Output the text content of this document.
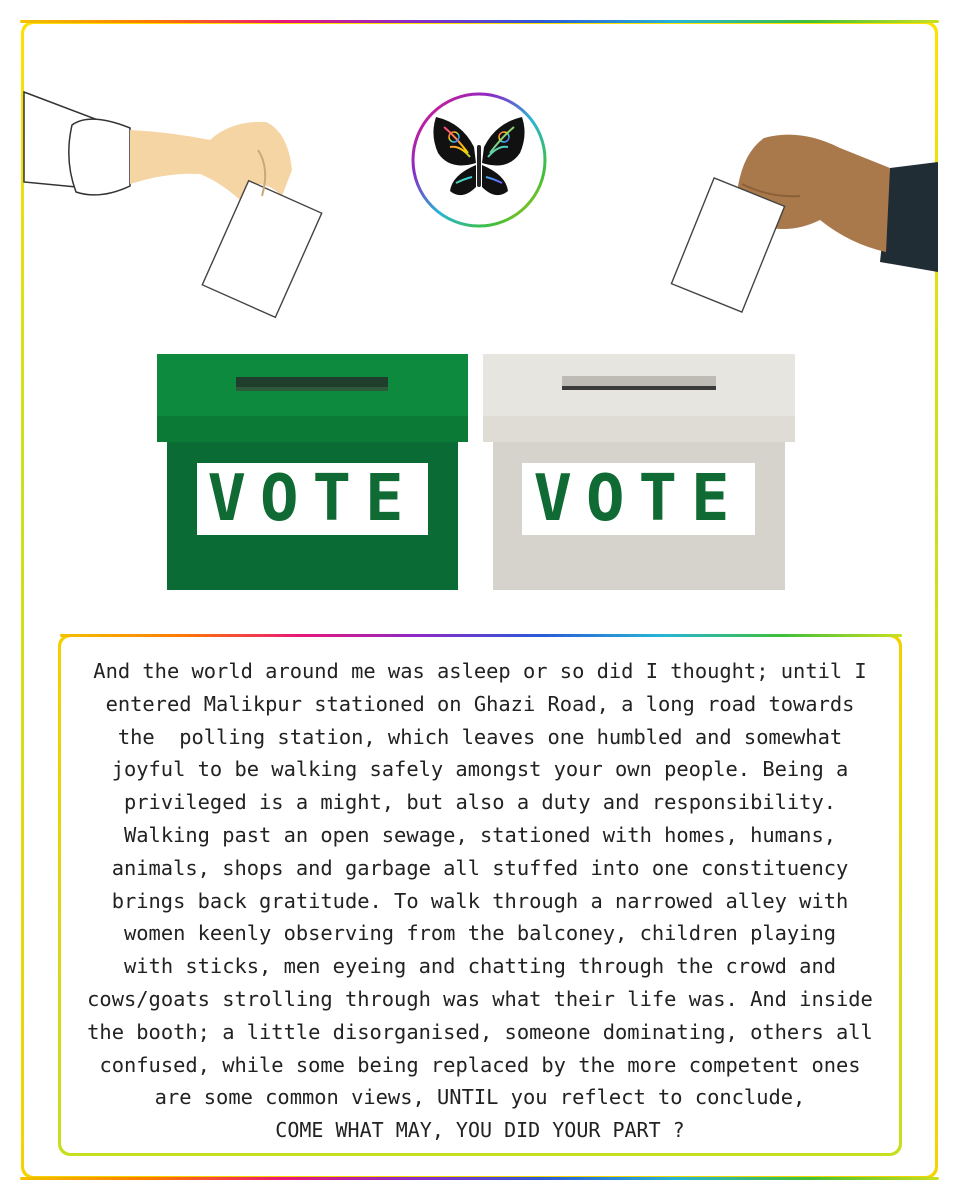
VOTE VOTE
And the world around me was asleep or so did I thought; until I
entered Malikpur stationed on Ghazi Road, a long road towards
the  polling station, which leaves one humbled and somewhat
joyful to be walking safely amongst your own people. Being a
privileged is a might, but also a duty and responsibility.
Walking past an open sewage, stationed with homes, humans,
animals, shops and garbage all stuffed into one constituency
brings back gratitude. To walk through a narrowed alley with
women keenly observing from the balconey, children playing
with sticks, men eyeing and chatting through the crowd and
cows/goats strolling through was what their life was. And inside
the booth; a little disorganised, someone dominating, others all
confused, while some being replaced by the more competent ones
are some common views, UNTIL you reflect to conclude,
COME WHAT MAY, YOU DID YOUR PART ?
